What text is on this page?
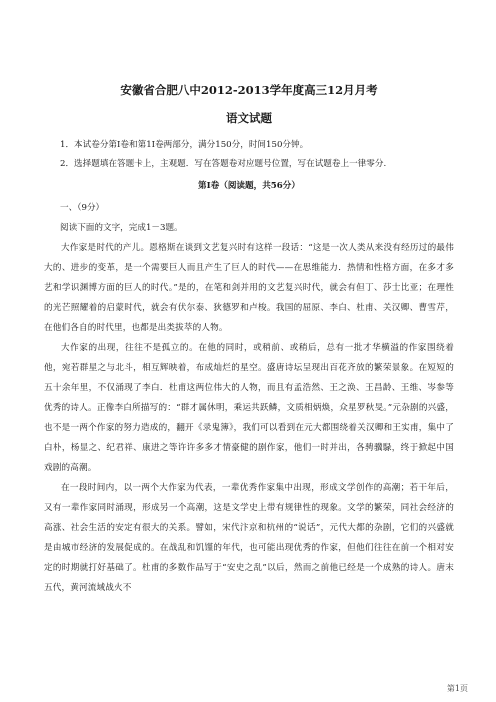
安徽省合肥八中2012-2013学年度高三12月月考

语文试题

1．本试卷分第I卷和第1I卷两部分，满分150分，时间150分钟。

2．选择题填在答题卡上，主观题．写在答题卷对应题号位置，写在试题卷上一律零分.

第Ⅰ卷（阅读题，共56分）

一、（9分）

阅读下面的文字，完成1－3题。

大作家是时代的产儿。恩格斯在谈到文艺复兴时有这样一段话：“这是一次人类从来没有经历过的最伟大的、进步的变革，是一个需要巨人而且产生了巨人的时代——在思维能力．热情和性格方面，在多才多艺和学识渊博方面的巨人的时代。”是的，在笔和剑并用的文艺复兴时代，就会有但丁、莎士比亚；在理性的光芒照耀着的启蒙时代，就会有伏尔泰、狄德罗和卢梭。我国的屈原、李白、杜甫、关汉卿、曹雪芹，在他们各自的时代里，也都是出类拔萃的人物。

大作家的出现，往往不是孤立的。在他的同时，或稍前、或稍后，总有一批才华横溢的作家围绕着他，宛若群星之与北斗，相互辉映着，布成灿烂的星空。盛唐诗坛呈现出百花齐放的繁荣景象。在短短的五十余年里，不仅涌现了李白．杜甫这两位伟大的人物，而且有孟浩然、王之涣、王昌龄、王维、岑参等优秀的诗人。正像李白所描写的：“群才属休明，乘运共跃鳞，文质相炳焕，众星罗秋旻。”元杂剧的兴盛，也不是一两个作家的努力造成的，翻开《录鬼簿》，我们可以看到在元大都围绕着关汉卿和王实甫，集中了白朴，杨显之、纪君祥、康进之等许许多多才情豪健的剧作家，他们一时并出，各骋骥騄，终于掀起中国戏剧的高潮。

在一段时间内，以一两个大作家为代表，一辈优秀作家集中出现，形成文学创作的高潮；若干年后，又有一辈作家同时涌现，形成另一个高潮，这是文学史上带有规律性的现象。文学的繁荣，同社会经济的高涨、社会生活的安定有很大的关系。譬如，宋代汴京和杭州的“说话”，元代大都的杂剧，它们的兴盛就是由城市经济的发展促成的。在战乱和饥馑的年代，也可能出现优秀的作家，但他们往往在前一个相对安定的时期就打好基础了。杜甫的多数作品写于“安史之乱”以后，然而之前他已经是一个成熟的诗人。唐末五代，黄河流域战火不

第1页
